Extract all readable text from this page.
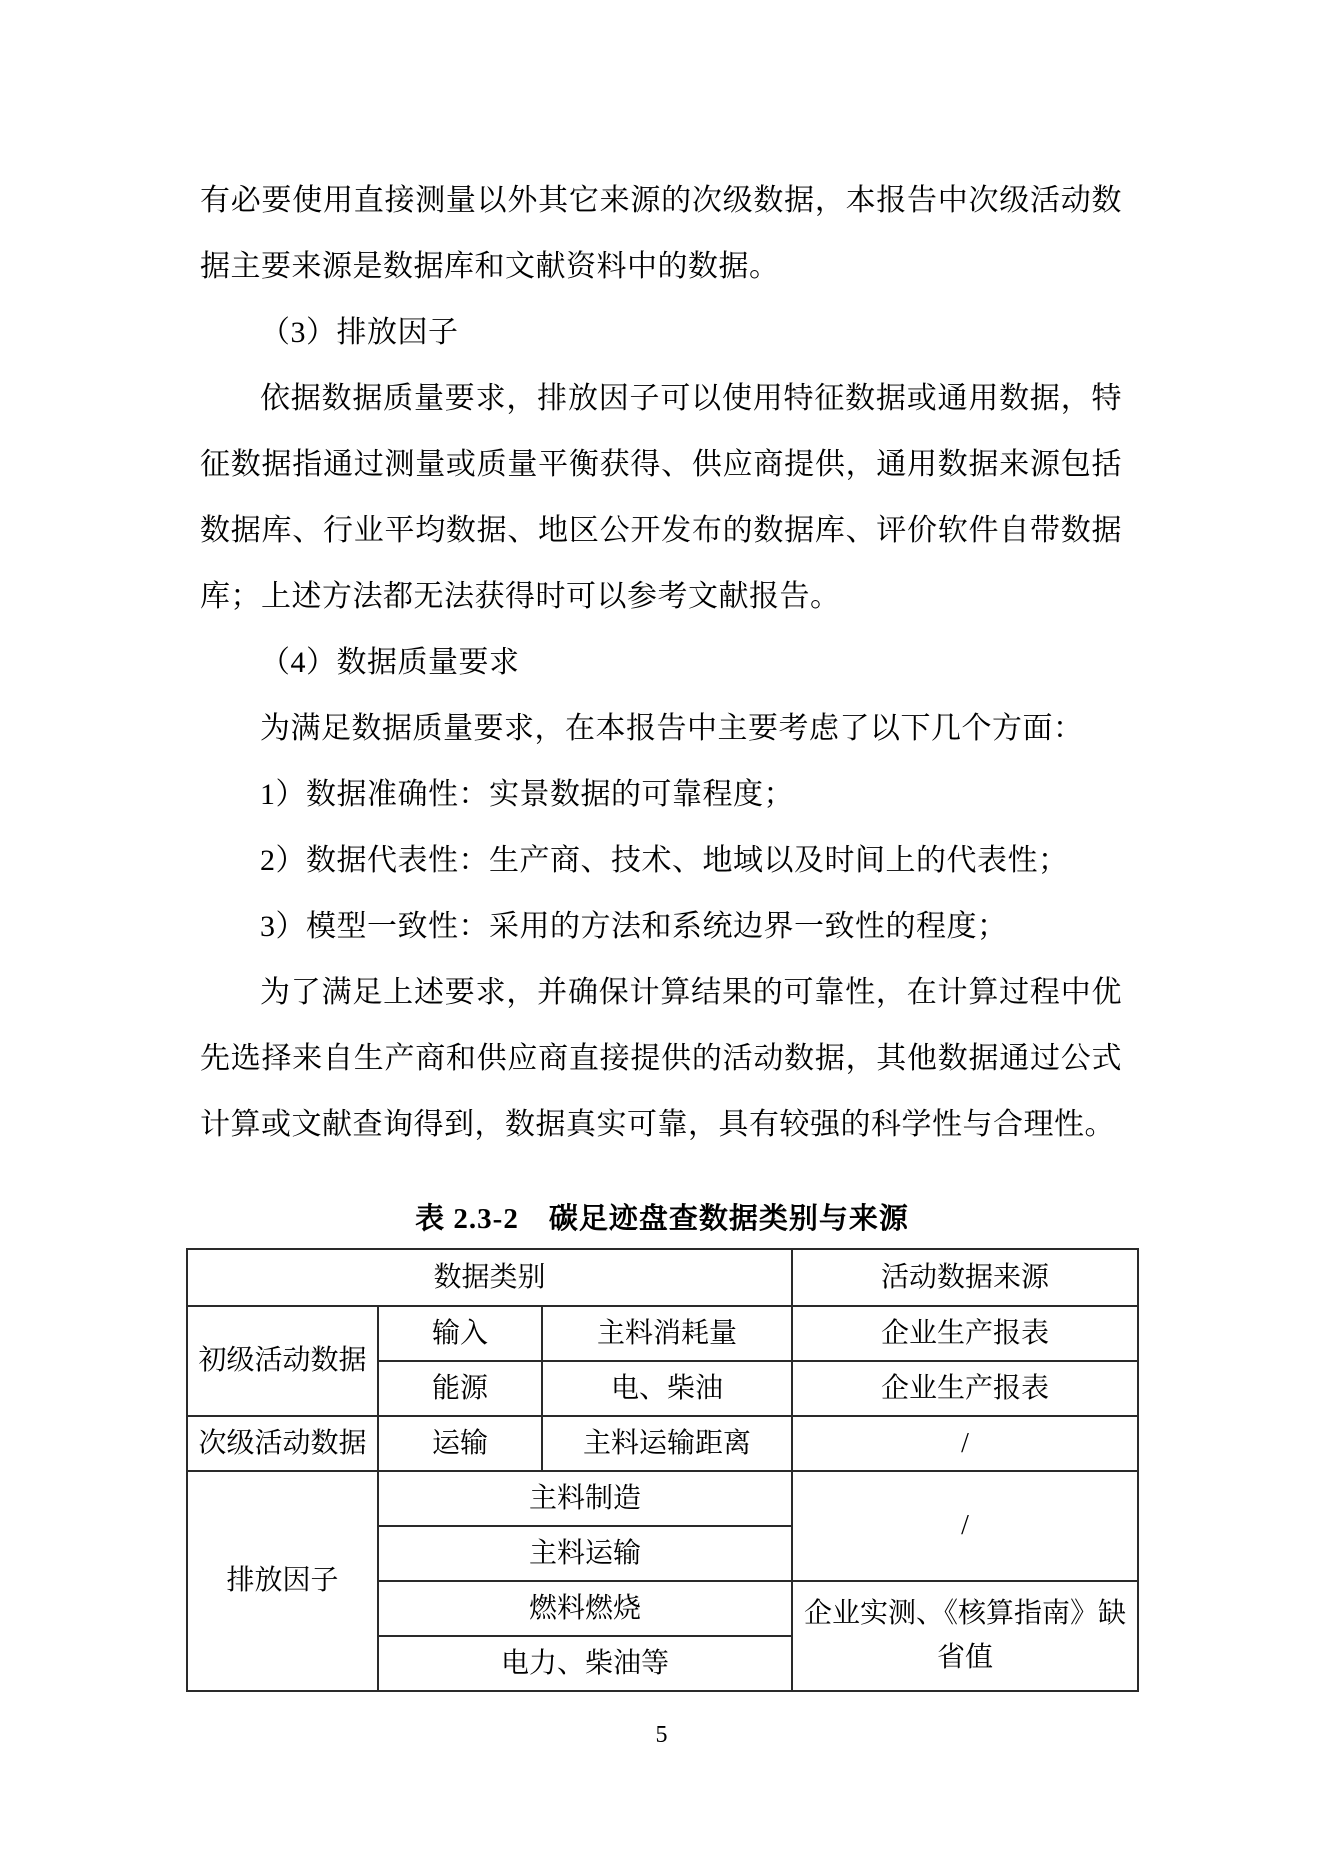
有必要使用直接测量以外其它来源的次级数据，本报告中次级活动数
据主要来源是数据库和文献资料中的数据。
（3）排放因子
依据数据质量要求，排放因子可以使用特征数据或通用数据，特
征数据指通过测量或质量平衡获得、供应商提供，通用数据来源包括
数据库、行业平均数据、地区公开发布的数据库、评价软件自带数据
库；上述方法都无法获得时可以参考文献报告。
（4）数据质量要求
为满足数据质量要求，在本报告中主要考虑了以下几个方面：
1）数据准确性：实景数据的可靠程度；
2）数据代表性：生产商、技术、地域以及时间上的代表性；
3）模型一致性：采用的方法和系统边界一致性的程度；
为了满足上述要求，并确保计算结果的可靠性，在计算过程中优
先选择来自生产商和供应商直接提供的活动数据，其他数据通过公式
计算或文献查询得到，数据真实可靠，具有较强的科学性与合理性。
表 2.3-2　碳足迹盘查数据类别与来源
数据类别			活动数据来源
初级活动数据	输入	主料消耗量	企业生产报表
	能源	电、柴油	企业生产报表
次级活动数据	运输	主料运输距离	/
排放因子	主料制造		/
	主料运输		
	燃料燃烧		企业实测、《核算指南》缺省值
	电力、柴油等		
5
